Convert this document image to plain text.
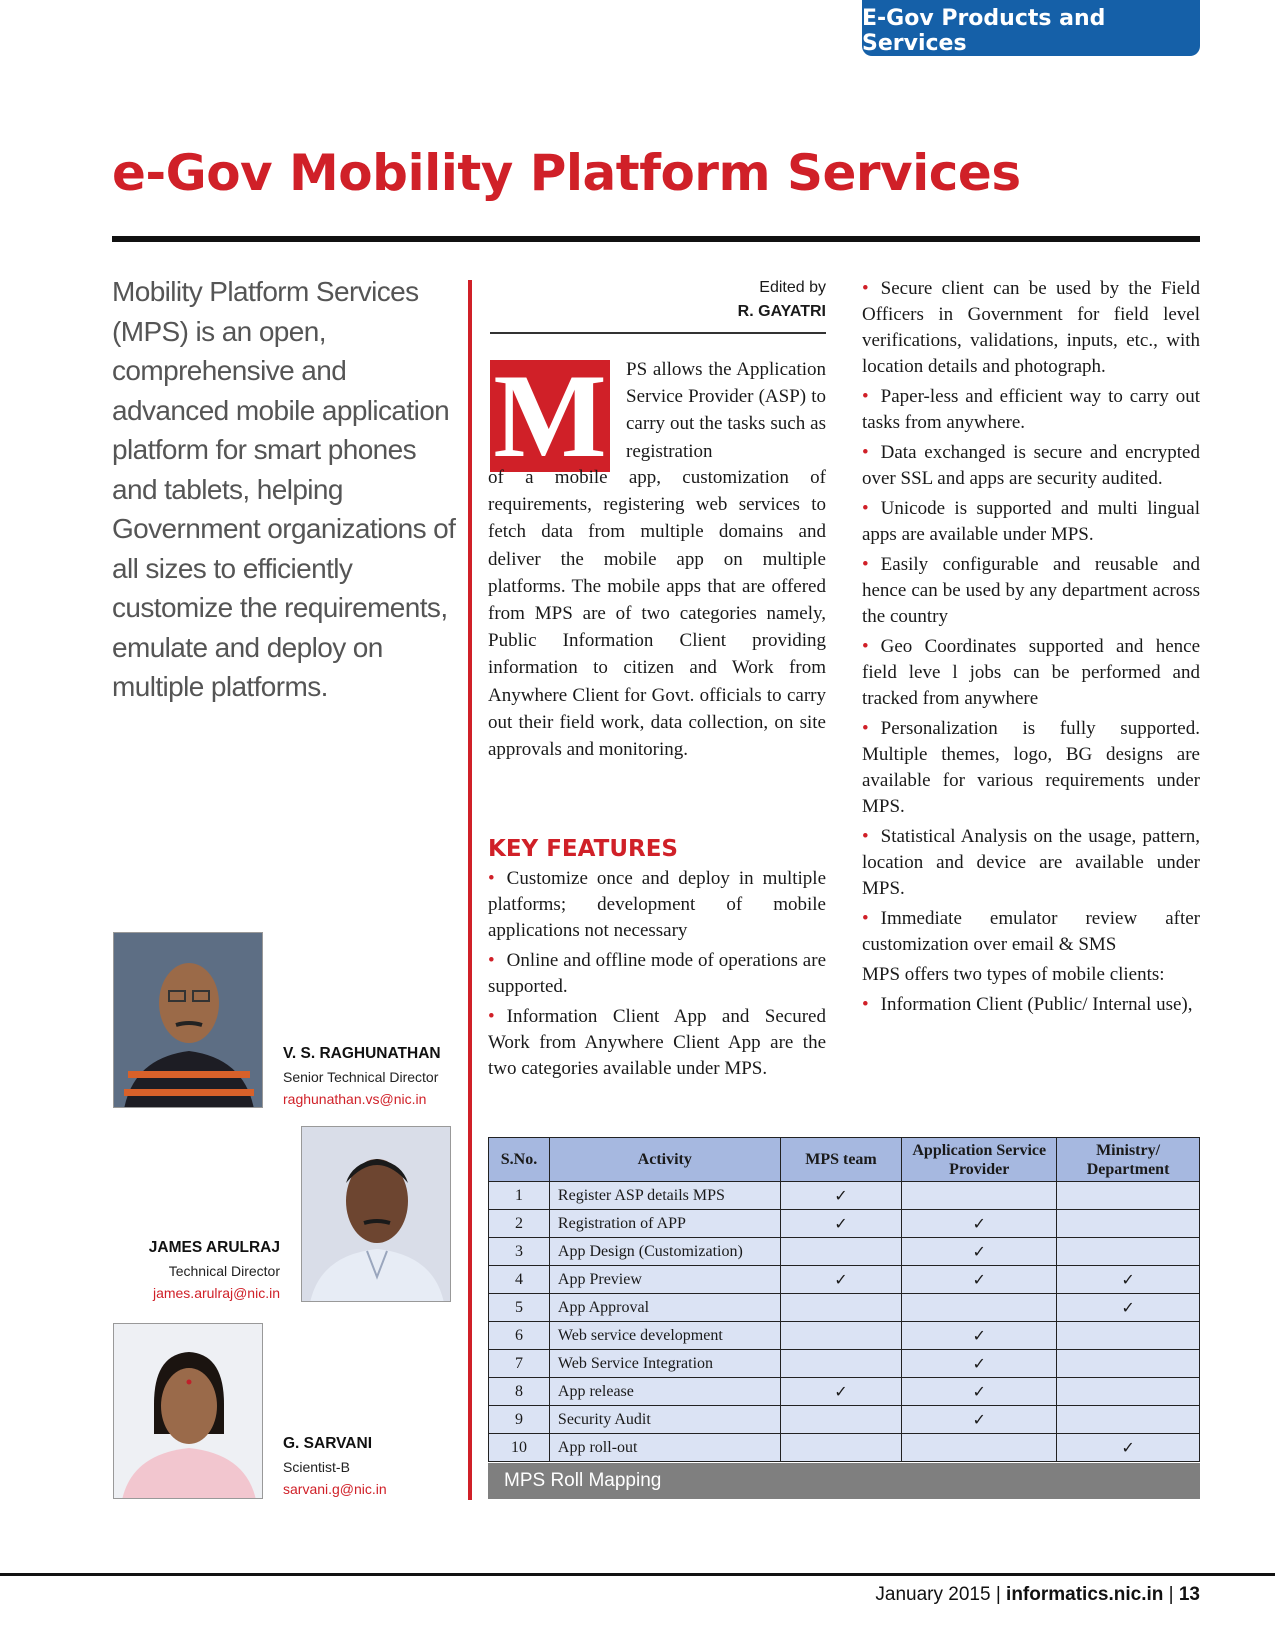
E-Gov Products and Services
e-Gov Mobility Platform Services

Mobility Platform Services (MPS) is an open, comprehensive and advanced mobile application platform for smart phones and tablets, helping Government organizations of all sizes to efficiently customize the requirements, emulate and deploy on multiple platforms.

V. S. RAGHUNATHAN
Senior Technical Director
raghunathan.vs@nic.in
JAMES ARULRAJ
Technical Director
james.arulraj@nic.in
G. SARVANI
Scientist-B
sarvani.g@nic.in
Edited by
R. GAYATRI
M PS allows the Application Service Provider (ASP) to carry out the tasks such as registration

of a mobile app, customization of requirements, registering web services to fetch data from multiple domains and deliver the mobile app on multiple platforms. The mobile apps that are offered from MPS are of two categories namely, Public Information Client providing information to citizen and Work from Anywhere Client for Govt. officials to carry out their field work, data collection, on site approvals and monitoring.

KEY FEATURES

• Customize once and deploy in multiple platforms; development of mobile applications not necessary

• Online and offline mode of operations are supported.

• Information Client App and Secured Work from Anywhere Client App are the two categories available under MPS.

• Secure client can be used by the Field Officers in Government for field level verifications, validations, inputs, etc., with location details and photograph.

• Paper-less and efficient way to carry out tasks from anywhere.

• Data exchanged is secure and encrypted over SSL and apps are security audited.

• Unicode is supported and multi lingual apps are available under MPS.

• Easily configurable and reusable and hence can be used by any department across the country

• Geo Coordinates supported and hence field leve l jobs can be performed and tracked from anywhere

• Personalization is fully supported. Multiple themes, logo, BG designs are available for various requirements under MPS.

• Statistical Analysis on the usage, pattern, location and device are available under MPS.

• Immediate emulator review after customization over email & SMS

MPS offers two types of mobile clients:

• Information Client (Public/ Internal use),

S.No.	Activity	MPS team	Application Service Provider	Ministry/ Department
1	Register ASP details MPS	✓		
2	Registration of APP	✓	✓	
3	App Design (Customization)		✓	
4	App Preview	✓	✓	✓
5	App Approval			✓
6	Web service development		✓	
7	Web Service Integration		✓	
8	App release	✓	✓	
9	Security Audit		✓	
10	App roll-out			✓
MPS Roll Mapping
January 2015 | informatics.nic.in | 13
